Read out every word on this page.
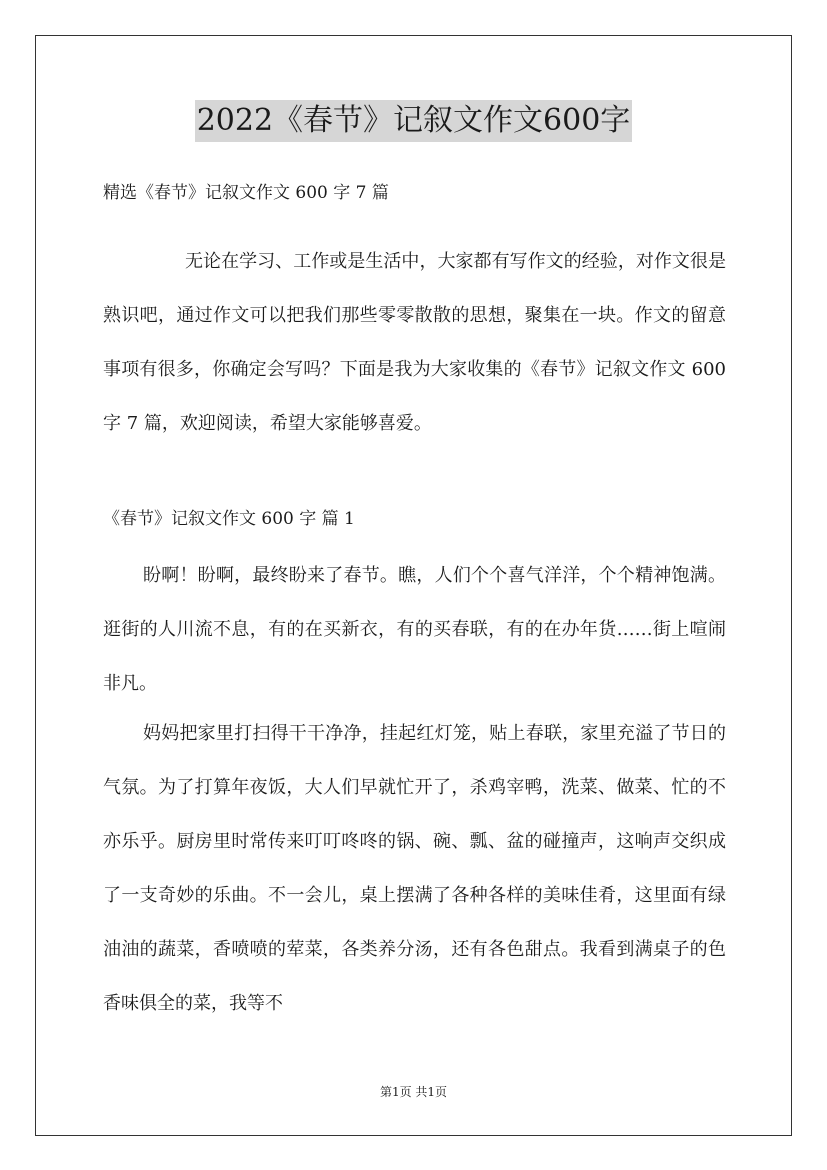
2022《春节》记叙文作文600字
精选《春节》记叙文作文 600 字 7 篇

无论在学习、工作或是生活中，大家都有写作文的经验，对作文很是熟识吧，通过作文可以把我们那些零零散散的思想，聚集在一块。作文的留意事项有很多，你确定会写吗？下面是我为大家收集的《春节》记叙文作文 600 字 7 篇，欢迎阅读，希望大家能够喜爱。

《春节》记叙文作文 600 字 篇 1

盼啊！盼啊，最终盼来了春节。瞧，人们个个喜气洋洋，个个精神饱满。逛街的人川流不息，有的在买新衣，有的买春联，有的在办年货……街上喧闹非凡。

妈妈把家里打扫得干干净净，挂起红灯笼，贴上春联，家里充溢了节日的气氛。为了打算年夜饭，大人们早就忙开了，杀鸡宰鸭，洗菜、做菜、忙的不亦乐乎。厨房里时常传来叮叮咚咚的锅、碗、瓢、盆的碰撞声，这响声交织成了一支奇妙的乐曲。不一会儿，桌上摆满了各种各样的美味佳肴，这里面有绿油油的蔬菜，香喷喷的荤菜，各类养分汤，还有各色甜点。我看到满桌子的色香味俱全的菜，我等不

第1页 共1页
